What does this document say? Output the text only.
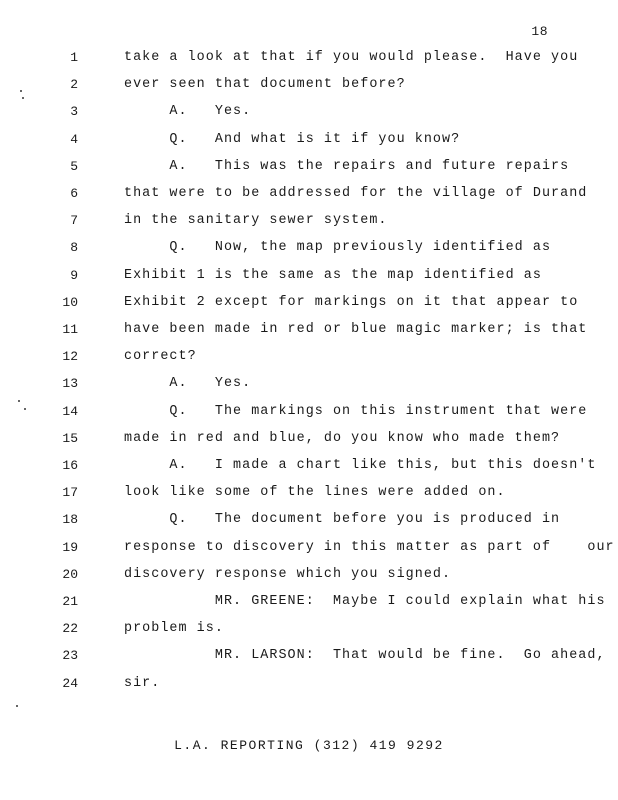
18
1	take a look at that if you would please.  Have you
2	ever seen that document before?
3	A.   Yes.
4	Q.   And what is it if you know?
5	A.   This was the repairs and future repairs
6	that were to be addressed for the village of Durand
7	in the sanitary sewer system.
8	Q.   Now, the map previously identified as
9	Exhibit 1 is the same as the map identified as
10	Exhibit 2 except for markings on it that appear to
11	have been made in red or blue magic marker; is that
12	correct?
13	A.   Yes.
14	Q.   The markings on this instrument that were
15	made in red and blue, do you know who made them?
16	A.   I made a chart like this, but this doesn't
17	look like some of the lines were added on.
18	Q.   The document before you is produced in
19	response to discovery in this matter as part of    our
20	discovery response which you signed.
21	MR. GREENE:  Maybe I could explain what his
22	problem is.
23	MR. LARSON:  That would be fine.  Go ahead,
24	sir.
L.A. REPORTING (312) 419 9292
